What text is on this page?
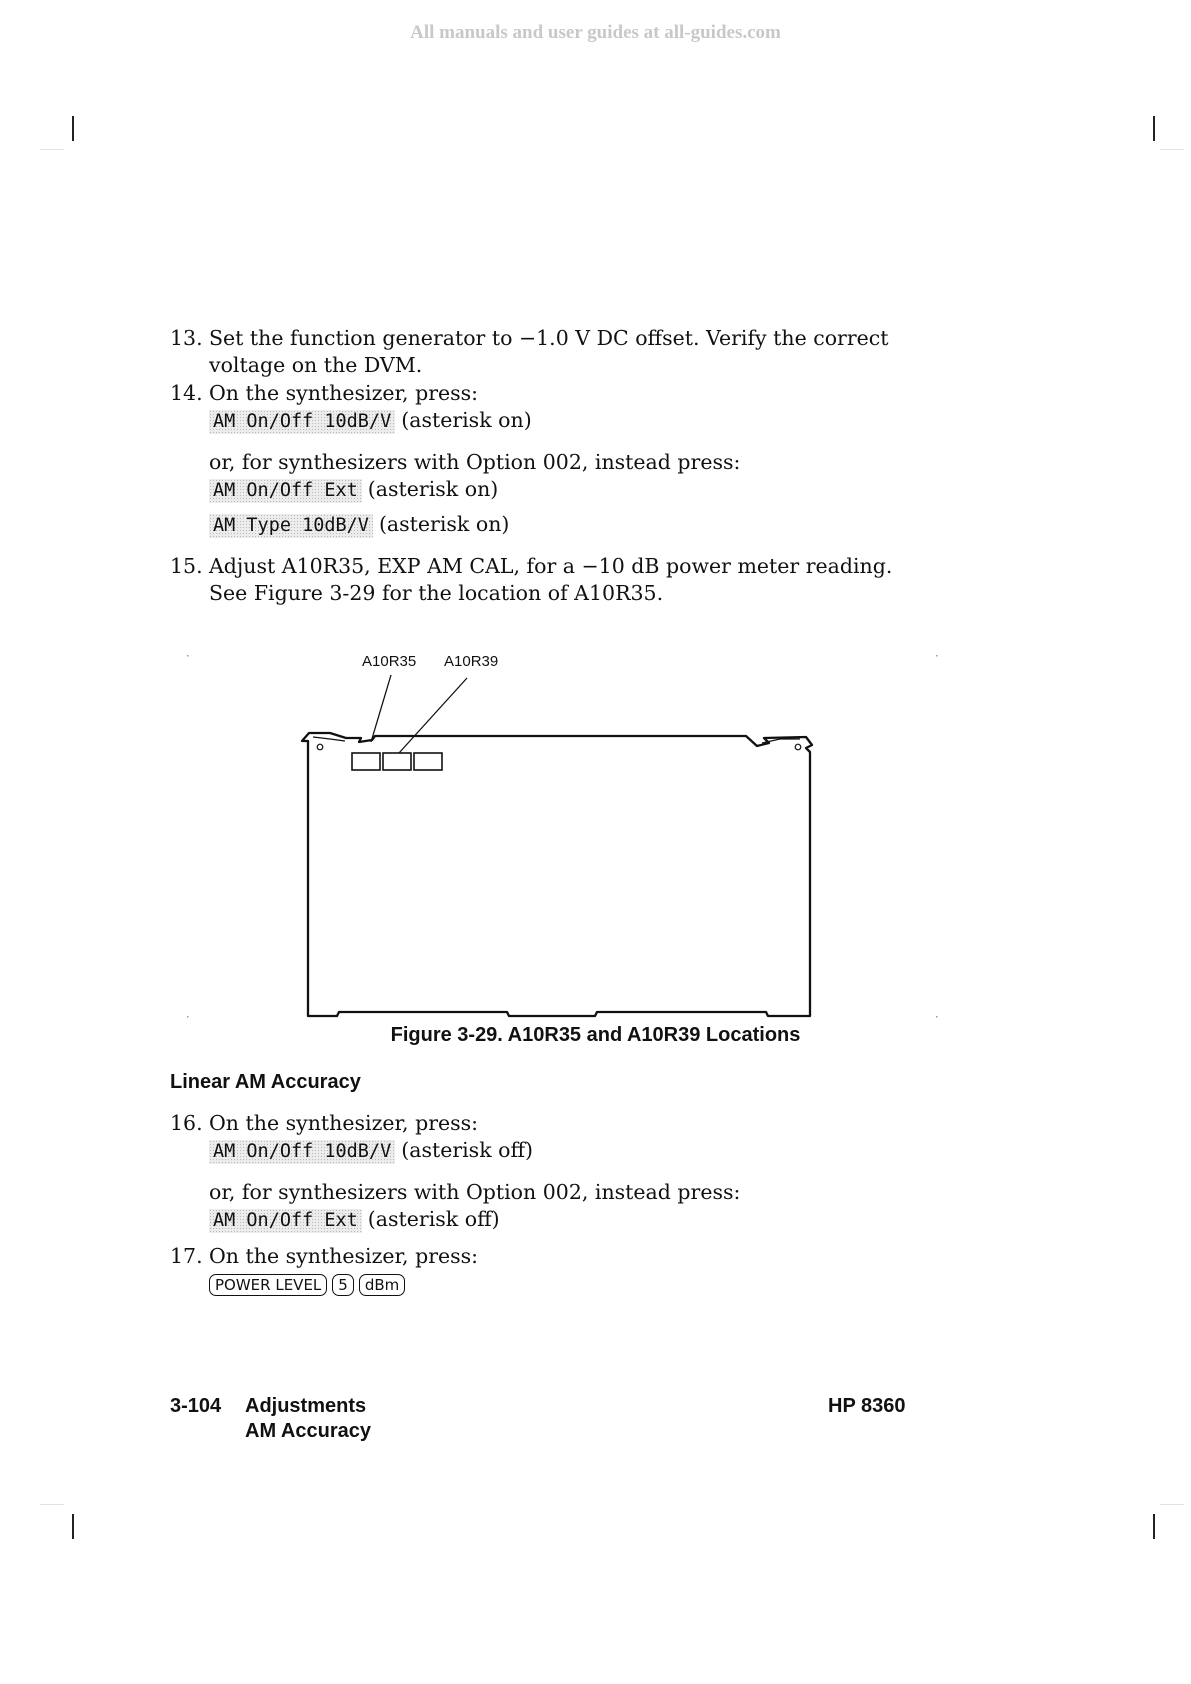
All manuals and user guides at all-guides.com
13. Set the function generator to −1.0 V DC offset. Verify the correct voltage on the DVM.
14. On the synthesizer, press:
AM On/Off 10dB/V (asterisk on)
or, for synthesizers with Option 002, instead press:
AM On/Off Ext (asterisk on)
AM Type 10dB/V (asterisk on)
15. Adjust A10R35, EXP AM CAL, for a −10 dB power meter reading. See Figure 3-29 for the location of A10R35.
A10R35 A10R39
Figure 3-29. A10R35 and A10R39 Locations
Linear AM Accuracy
16. On the synthesizer, press:
AM On/Off 10dB/V (asterisk off)
or, for synthesizers with Option 002, instead press:
AM On/Off Ext (asterisk off)
17. On the synthesizer, press:
POWER LEVEL 5 dBm
3-104 Adjustments
AM Accuracy
HP 8360
